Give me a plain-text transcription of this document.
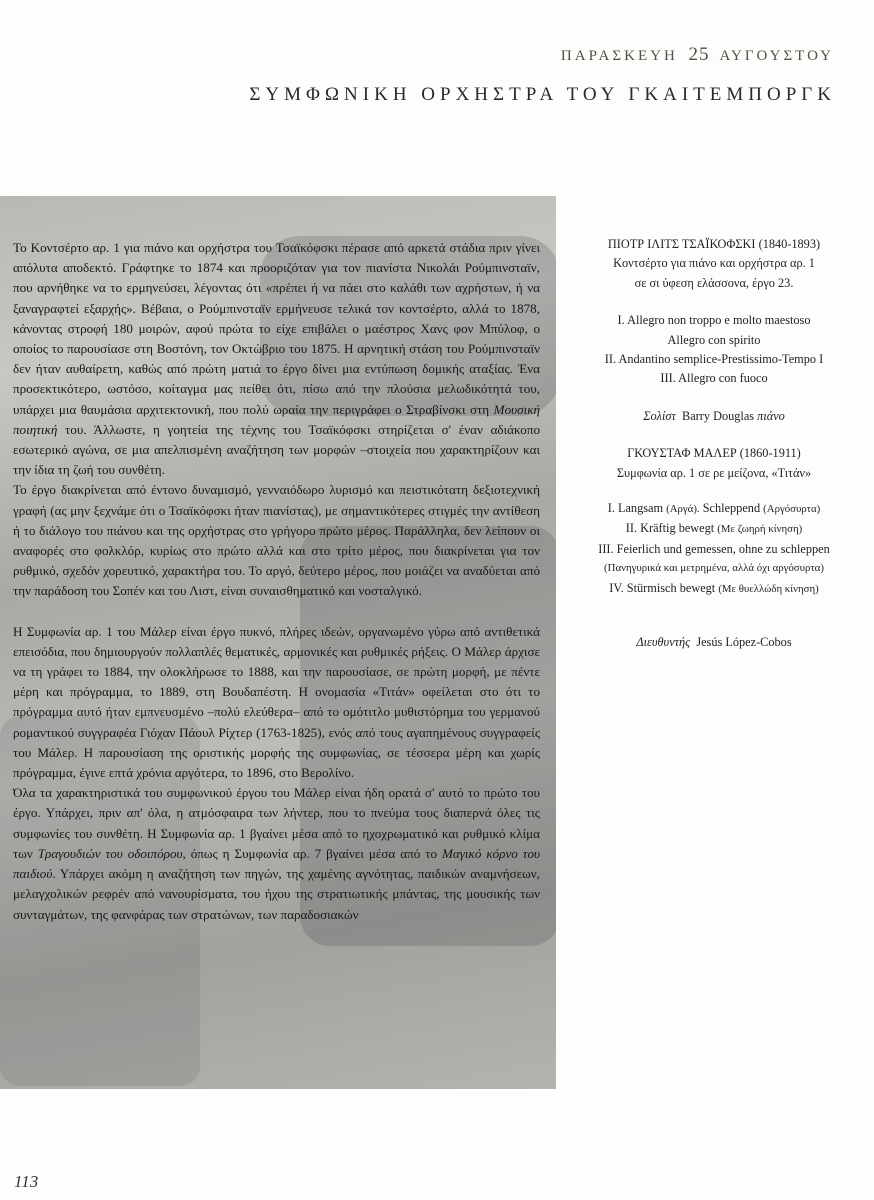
ΠΑΡΑΣΚΕΥΗ 25 ΑΥΓΟΥΣΤΟΥ
ΣΥΜΦΩΝΙΚΗ ΟΡΧΗΣΤΡΑ ΤΟΥ ΓΚΑΙΤΕΜΠΟΡΓΚ

Το Κοντσέρτο αρ. 1 για πιάνο και ορχήστρα του Τσαϊκόφσκι πέρασε από αρκετά στάδια πριν γίνει απόλυτα αποδεκτό. Γράφτηκε το 1874 και προοριζόταν για τον πιανίστα Νικολάι Ρούμπινσταϊν, που αρνήθηκε να το ερμηνεύσει, λέγοντας ότι «πρέπει ή να πάει στο καλάθι των αχρήστων, ή να ξαναγραφτεί εξαρχής». Βέβαια, ο Ρούμπινσταϊν ερμήνευσε τελικά τον κοντσέρτο, αλλά το 1878, κάνοντας στροφή 180 μοιρών, αφού πρώτα το είχε επιβάλει ο μαέστρος Χανς φον Μπύλοφ, ο οποίος το παρουσίασε στη Βοστόνη, τον Οκτώβριο του 1875. Η αρνητική στάση του Ρούμπινσταϊν δεν ήταν αυθαίρετη, καθώς από πρώτη ματιά το έργο δίνει μια εντύπωση δομικής αταξίας. Ένα προσεκτικότερο, ωστόσο, κοίταγμα μας πείθει ότι, πίσω από την πλούσια μελωδικότητά του, υπάρχει μια θαυμάσια αρχιτεκτονική, που πολύ ωραία την περιγράφει ο Στραβίνσκι στη Μουσική ποιητική του. Άλλωστε, η γοητεία της τέχνης του Τσαϊκόφσκι στηρίζεται σ' έναν αδιάκοπο εσωτερικό αγώνα, σε μια απελπισμένη αναζήτηση των μορφών –στοιχεία που χαρακτηρίζουν και την ίδια τη ζωή του συνθέτη.

Το έργο διακρίνεται από έντονο δυναμισμό, γενναιόδωρο λυρισμό και πειστικότατη δεξιοτεχνική γραφή (ας μην ξεχνάμε ότι ο Τσαϊκόφσκι ήταν πιανίστας), με σημαντικότερες στιγμές την αντίθεση ή το διάλογο του πιάνου και της ορχήστρας στο γρήγορο πρώτο μέρος. Παράλληλα, δεν λείπουν οι αναφορές στο φολκλόρ, κυρίως στο πρώτο αλλά και στο τρίτο μέρος, που διακρίνεται για τον ρυθμικό, σχεδόν χορευτικό, χαρακτήρα του. Το αργό, δεύτερο μέρος, που μοιάζει να αναδύεται από την παράδοση του Σοπέν και του Λιστ, είναι συναισθηματικό και νοσταλγικό.

Η Συμφωνία αρ. 1 του Μάλερ είναι έργο πυκνό, πλήρες ιδεών, οργανωμένο γύρω από αντιθετικά επεισόδια, που δημιουργούν πολλαπλές θεματικές, αρμονικές και ρυθμικές ρήξεις. Ο Μάλερ άρχισε να τη γράφει το 1884, την ολοκλήρωσε το 1888, και την παρουσίασε, σε πρώτη μορφή, με πέντε μέρη και πρόγραμμα, το 1889, στη Βουδαπέστη. Η ονομασία «Τιτάν» οφείλεται στο ότι το πρόγραμμα αυτό ήταν εμπνευσμένο –πολύ ελεύθερα– από το ομότιτλο μυθιστόρημα του γερμανού ρομαντικού συγγραφέα Γιόχαν Πάουλ Ρίχτερ (1763-1825), ενός από τους αγαπημένους συγγραφείς του Μάλερ. Η παρουσίαση της οριστικής μορφής της συμφωνίας, σε τέσσερα μέρη και χωρίς πρόγραμμα, έγινε επτά χρόνια αργότερα, το 1896, στο Βερολίνο.

Όλα τα χαρακτηριστικά του συμφωνικού έργου του Μάλερ είναι ήδη ορατά σ' αυτό το πρώτο του έργο. Υπάρχει, πριν απ' όλα, η ατμόσφαιρα των λήντερ, που το πνεύμα τους διαπερνά όλες τις συμφωνίες του συνθέτη. Η Συμφωνία αρ. 1 βγαίνει μέσα από το ηχοχρωματικό και ρυθμικό κλίμα των Τραγουδιών του οδοιπόρου, όπως η Συμφωνία αρ. 7 βγαίνει μέσα από το Μαγικό κόρνο του παιδιού. Υπάρχει ακόμη η αναζήτηση των πηγών, της χαμένης αγνότητας, παιδικών αναμνήσεων, μελαγχολικών ρεφρέν από νανουρίσματα, του ήχου της στρατιωτικής μπάντας, της μουσικής των συνταγμάτων, της φανφάρας των στρατώνων, των παραδοσιακών

ΠΙΟΤΡ ΙΛΙΤΣ ΤΣΑΪΚΟΦΣΚΙ (1840-1893)
Κοντσέρτο για πιάνο και ορχήστρα αρ. 1
σε σι ύφεση ελάσσονα, έργο 23.
I. Allegro non troppo e molto maestoso
Allegro con spirito
II. Andantino semplice-Prestissimo-Tempo I
III. Allegro con fuoco
Σολίστ Barry Douglas πιάνο
ΓΚΟΥΣΤΑΦ ΜΑΛΕΡ (1860-1911)
Συμφωνία αρ. 1 σε ρε μείζονα, «Τιτάν»
I. Langsam (Αργά). Schleppend (Αργόσυρτα)
II. Kräftig bewegt (Με ζωηρή κίνηση)
III. Feierlich und gemessen, ohne zu schleppen
(Πανηγυρικά και μετρημένα, αλλά όχι αργόσυρτα)
IV. Stürmisch bewegt (Με θυελλώδη κίνηση)
Διευθυντής Jesús López-Cobos
113
